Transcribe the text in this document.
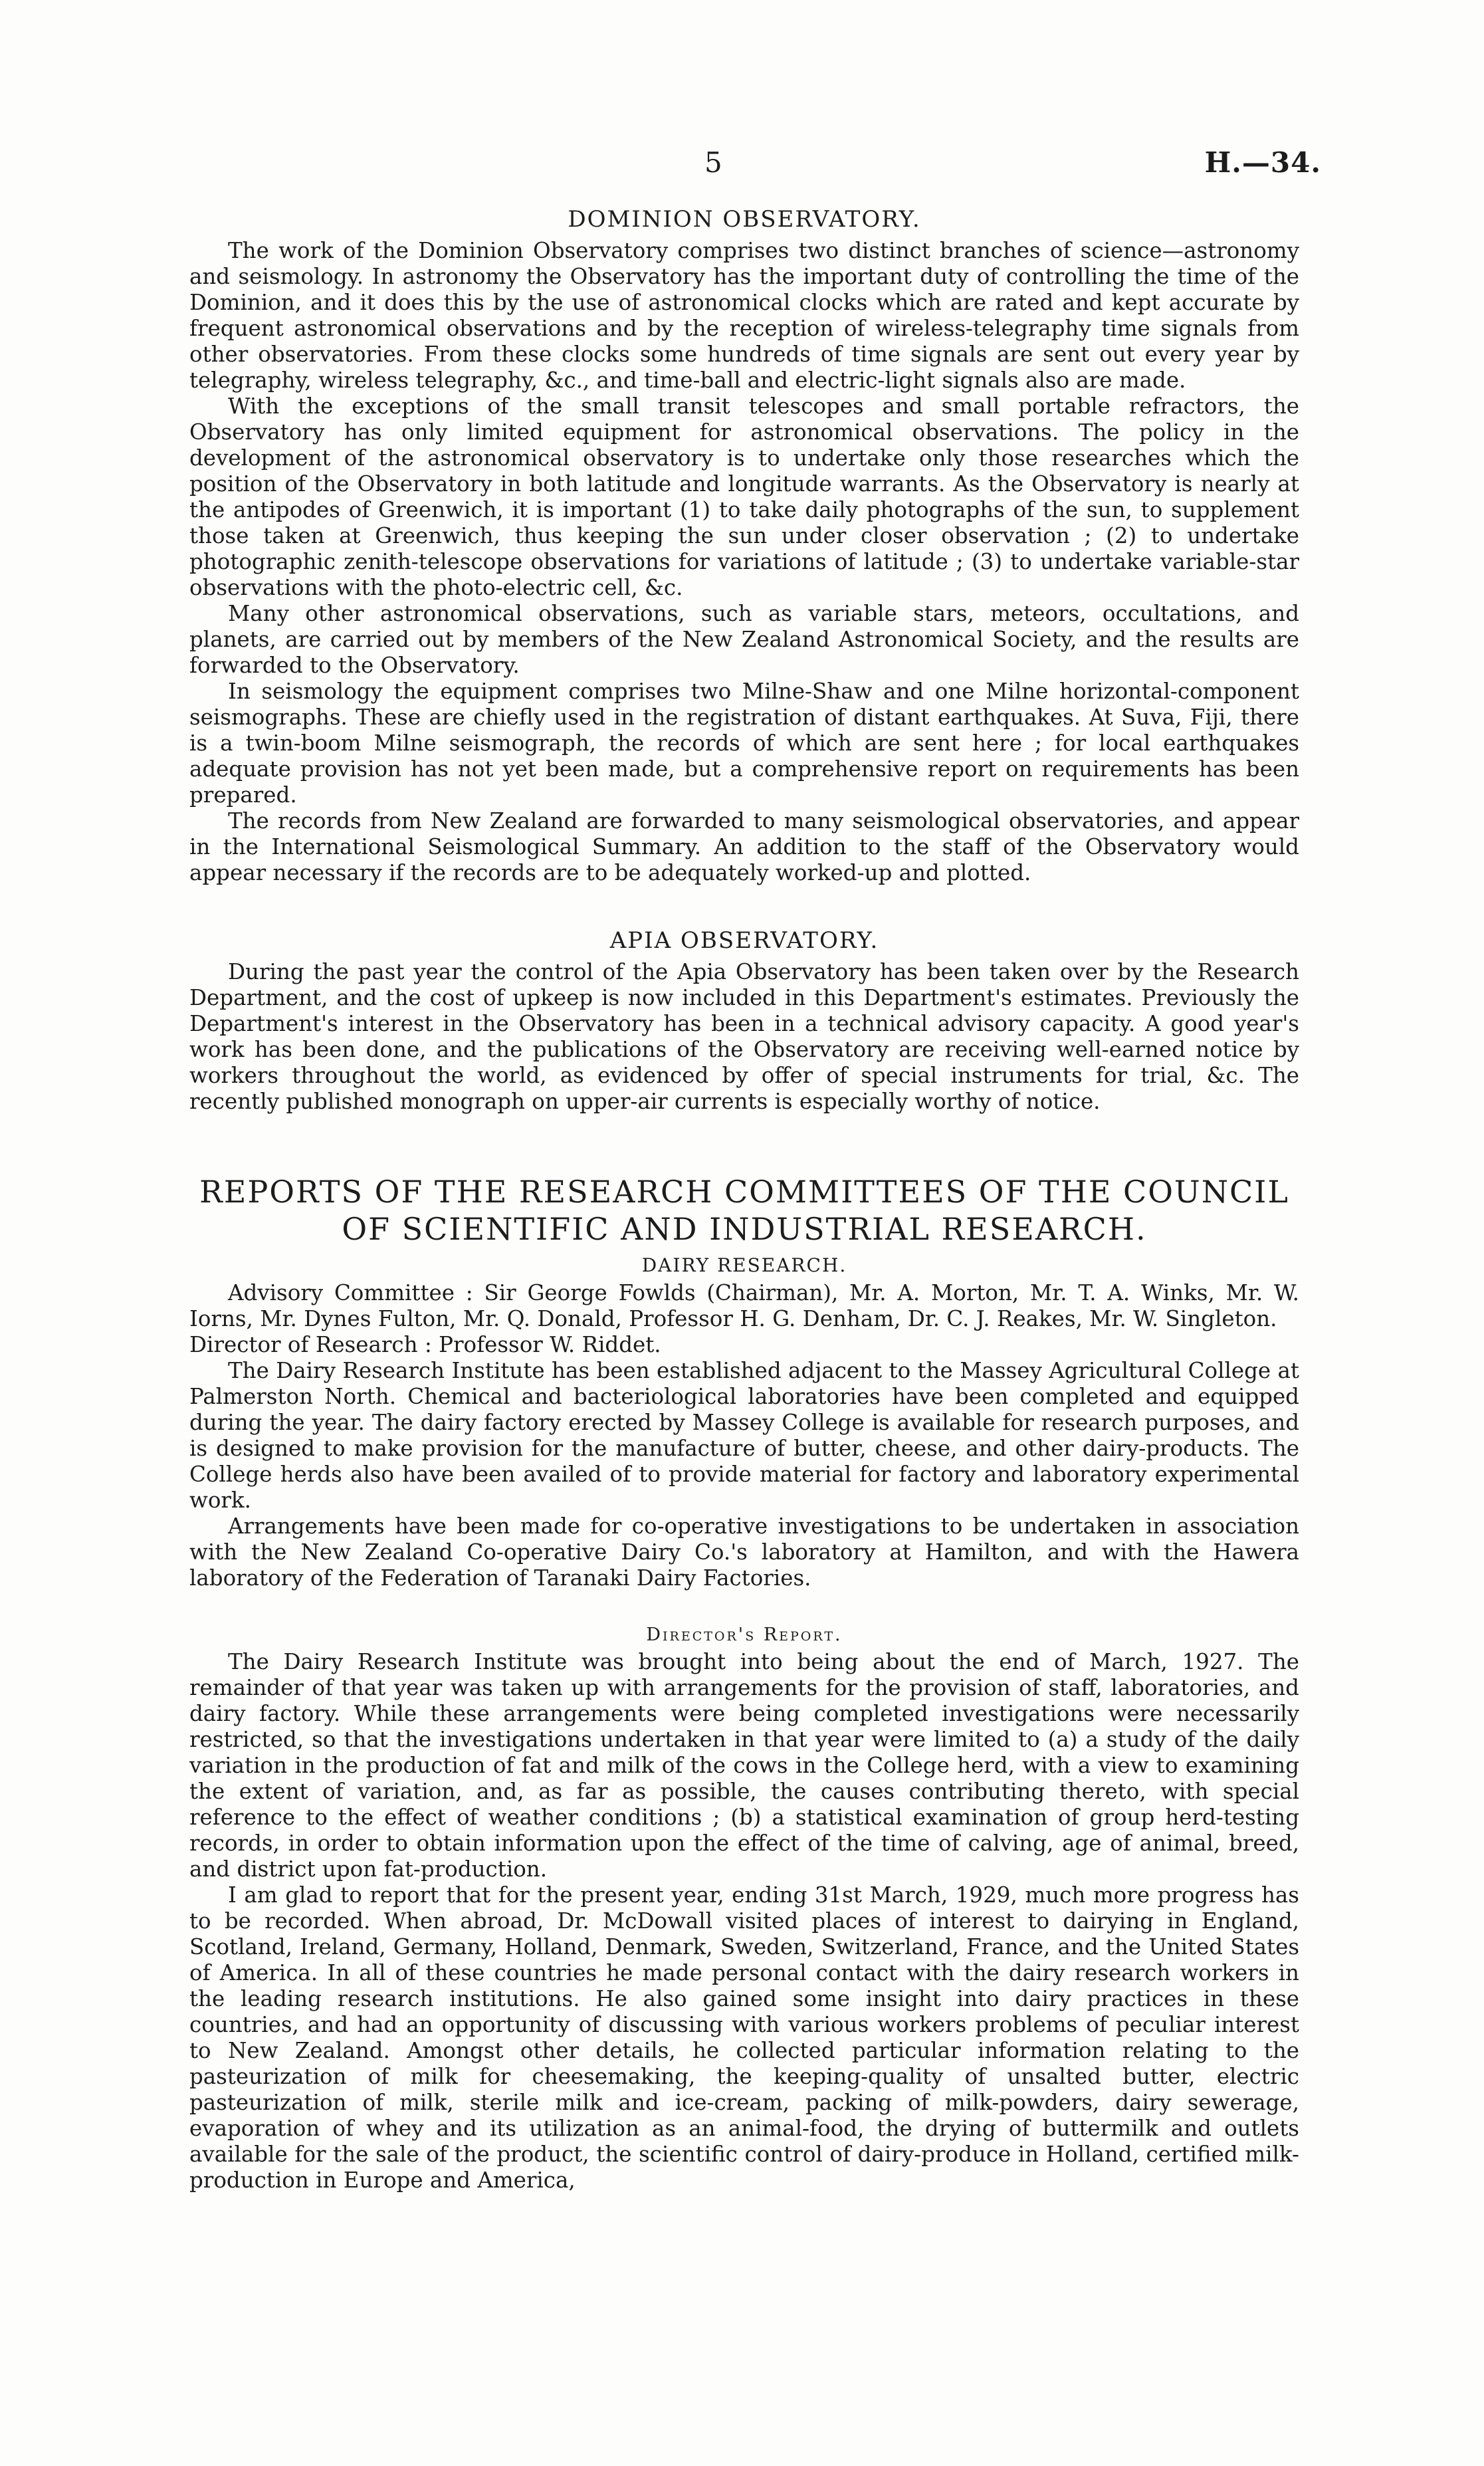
5	H.—34.
DOMINION OBSERVATORY.

The work of the Dominion Observatory comprises two distinct branches of science—astronomy and seismology. In astronomy the Observatory has the important duty of controlling the time of the Dominion, and it does this by the use of astronomical clocks which are rated and kept accurate by frequent astronomical observations and by the reception of wireless-telegraphy time signals from other observatories. From these clocks some hundreds of time signals are sent out every year by telegraphy, wireless telegraphy, &c., and time-ball and electric-light signals also are made.

With the exceptions of the small transit telescopes and small portable refractors, the Observatory has only limited equipment for astronomical observations. The policy in the development of the astronomical observatory is to undertake only those researches which the position of the Observatory in both latitude and longitude warrants. As the Observatory is nearly at the antipodes of Greenwich, it is important (1) to take daily photographs of the sun, to supplement those taken at Greenwich, thus keeping the sun under closer observation ; (2) to undertake photographic zenith-telescope observations for variations of latitude ; (3) to undertake variable-star observations with the photo-electric cell, &c.

Many other astronomical observations, such as variable stars, meteors, occultations, and planets, are carried out by members of the New Zealand Astronomical Society, and the results are forwarded to the Observatory.

In seismology the equipment comprises two Milne-Shaw and one Milne horizontal-component seismographs. These are chiefly used in the registration of distant earthquakes. At Suva, Fiji, there is a twin-boom Milne seismograph, the records of which are sent here ; for local earthquakes adequate provision has not yet been made, but a comprehensive report on requirements has been prepared.

The records from New Zealand are forwarded to many seismological observatories, and appear in the International Seismological Summary. An addition to the staff of the Observatory would appear necessary if the records are to be adequately worked-up and plotted.

APIA OBSERVATORY.

During the past year the control of the Apia Observatory has been taken over by the Research Department, and the cost of upkeep is now included in this Department's estimates. Previously the Department's interest in the Observatory has been in a technical advisory capacity. A good year's work has been done, and the publications of the Observatory are receiving well-earned notice by workers throughout the world, as evidenced by offer of special instruments for trial, &c. The recently published monograph on upper-air currents is especially worthy of notice.

REPORTS OF THE RESEARCH COMMITTEES OF THE COUNCIL OF SCIENTIFIC AND INDUSTRIAL RESEARCH.
DAIRY RESEARCH.

Advisory Committee : Sir George Fowlds (Chairman), Mr. A. Morton, Mr. T. A. Winks, Mr. W. Iorns, Mr. Dynes Fulton, Mr. Q. Donald, Professor H. G. Denham, Dr. C. J. Reakes, Mr. W. Singleton.

Director of Research : Professor W. Riddet.

The Dairy Research Institute has been established adjacent to the Massey Agricultural College at Palmerston North. Chemical and bacteriological laboratories have been completed and equipped during the year. The dairy factory erected by Massey College is available for research purposes, and is designed to make provision for the manufacture of butter, cheese, and other dairy-products. The College herds also have been availed of to provide material for factory and laboratory experimental work.

Arrangements have been made for co-operative investigations to be undertaken in association with the New Zealand Co-operative Dairy Co.'s laboratory at Hamilton, and with the Hawera laboratory of the Federation of Taranaki Dairy Factories.

Director's Report.

The Dairy Research Institute was brought into being about the end of March, 1927. The remainder of that year was taken up with arrangements for the provision of staff, laboratories, and dairy factory. While these arrangements were being completed investigations were necessarily restricted, so that the investigations undertaken in that year were limited to (a) a study of the daily variation in the production of fat and milk of the cows in the College herd, with a view to examining the extent of variation, and, as far as possible, the causes contributing thereto, with special reference to the effect of weather conditions ; (b) a statistical examination of group herd-testing records, in order to obtain information upon the effect of the time of calving, age of animal, breed, and district upon fat-production.

I am glad to report that for the present year, ending 31st March, 1929, much more progress has to be recorded. When abroad, Dr. McDowall visited places of interest to dairying in England, Scotland, Ireland, Germany, Holland, Denmark, Sweden, Switzerland, France, and the United States of America. In all of these countries he made personal contact with the dairy research workers in the leading research institutions. He also gained some insight into dairy practices in these countries, and had an opportunity of discussing with various workers problems of peculiar interest to New Zealand. Amongst other details, he collected particular information relating to the pasteurization of milk for cheesemaking, the keeping-quality of unsalted butter, electric pasteurization of milk, sterile milk and ice-cream, packing of milk-powders, dairy sewerage, evaporation of whey and its utilization as an animal-food, the drying of buttermilk and outlets available for the sale of the product, the scientific control of dairy-produce in Holland, certified milk-production in Europe and America,
